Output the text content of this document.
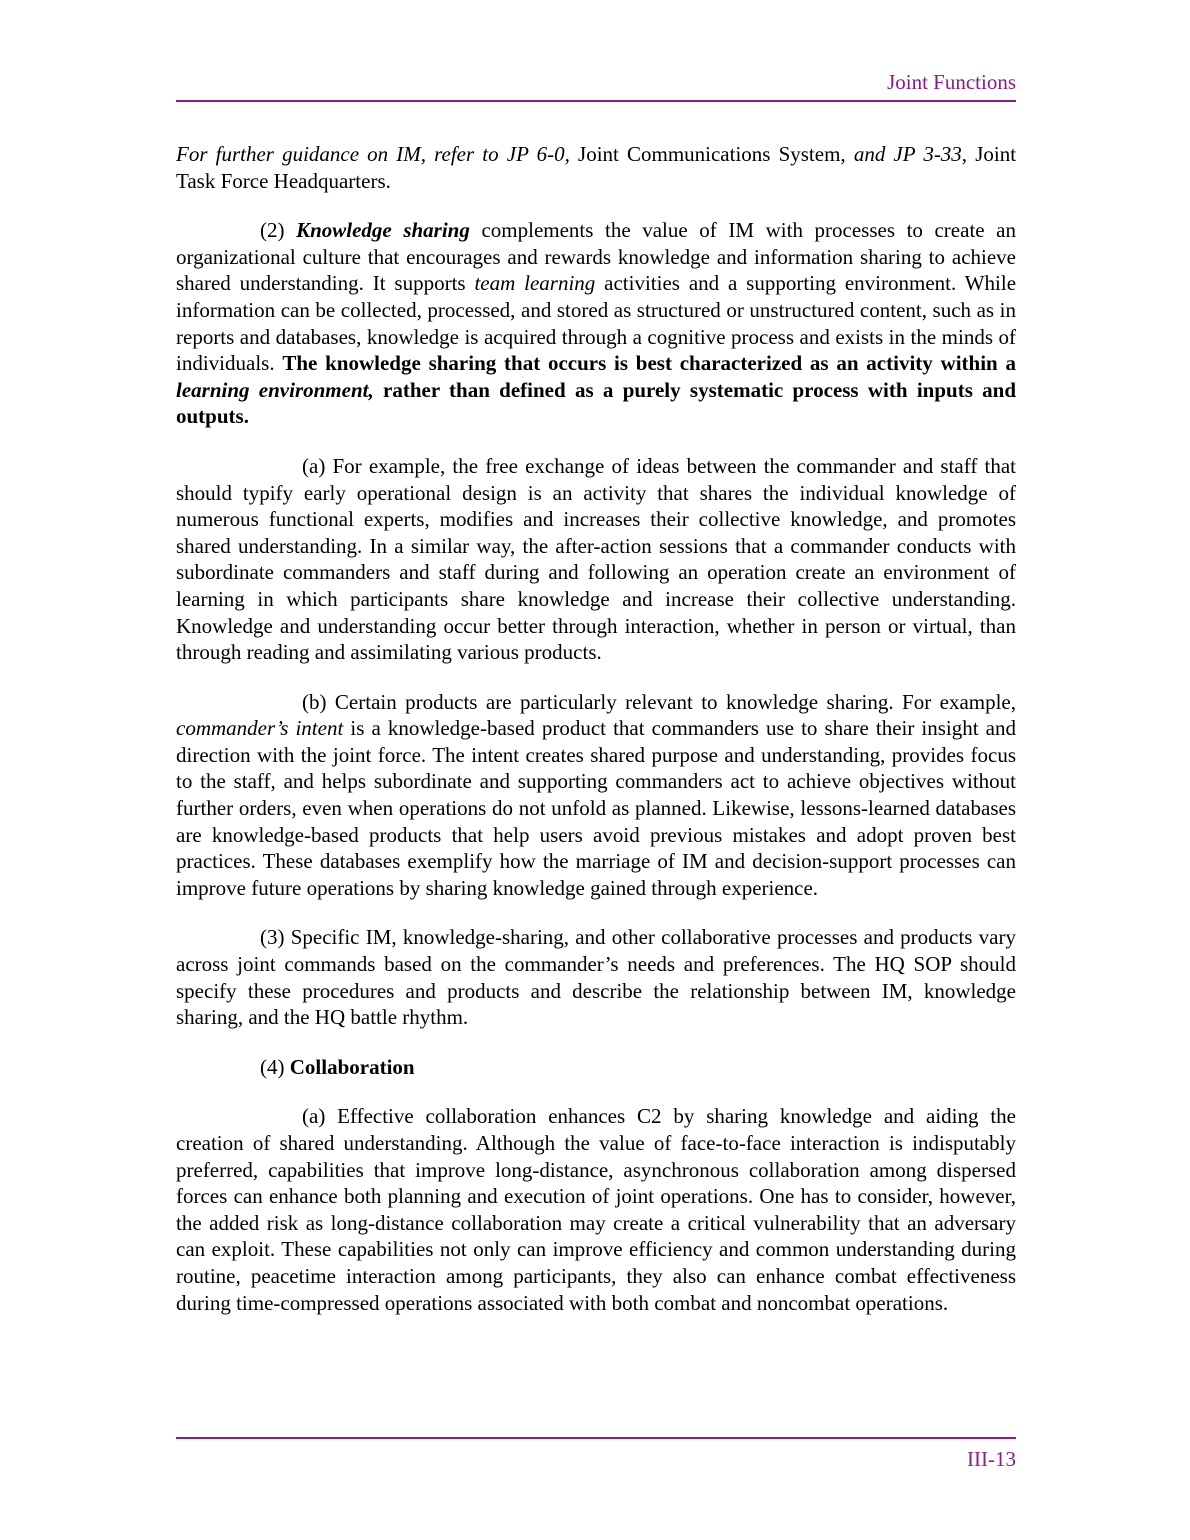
Joint Functions

For further guidance on IM, refer to JP 6-0, Joint Communications System, and JP 3-33, Joint Task Force Headquarters.

(2) Knowledge sharing complements the value of IM with processes to create an organizational culture that encourages and rewards knowledge and information sharing to achieve shared understanding. It supports team learning activities and a supporting environment. While information can be collected, processed, and stored as structured or unstructured content, such as in reports and databases, knowledge is acquired through a cognitive process and exists in the minds of individuals. The knowledge sharing that occurs is best characterized as an activity within a learning environment, rather than defined as a purely systematic process with inputs and outputs.

(a) For example, the free exchange of ideas between the commander and staff that should typify early operational design is an activity that shares the individual knowledge of numerous functional experts, modifies and increases their collective knowledge, and promotes shared understanding. In a similar way, the after-action sessions that a commander conducts with subordinate commanders and staff during and following an operation create an environment of learning in which participants share knowledge and increase their collective understanding. Knowledge and understanding occur better through interaction, whether in person or virtual, than through reading and assimilating various products.

(b) Certain products are particularly relevant to knowledge sharing. For example, commander’s intent is a knowledge-based product that commanders use to share their insight and direction with the joint force. The intent creates shared purpose and understanding, provides focus to the staff, and helps subordinate and supporting commanders act to achieve objectives without further orders, even when operations do not unfold as planned. Likewise, lessons-learned databases are knowledge-based products that help users avoid previous mistakes and adopt proven best practices. These databases exemplify how the marriage of IM and decision-support processes can improve future operations by sharing knowledge gained through experience.

(3) Specific IM, knowledge-sharing, and other collaborative processes and products vary across joint commands based on the commander’s needs and preferences. The HQ SOP should specify these procedures and products and describe the relationship between IM, knowledge sharing, and the HQ battle rhythm.

(4) Collaboration

(a) Effective collaboration enhances C2 by sharing knowledge and aiding the creation of shared understanding. Although the value of face-to-face interaction is indisputably preferred, capabilities that improve long-distance, asynchronous collaboration among dispersed forces can enhance both planning and execution of joint operations. One has to consider, however, the added risk as long-distance collaboration may create a critical vulnerability that an adversary can exploit. These capabilities not only can improve efficiency and common understanding during routine, peacetime interaction among participants, they also can enhance combat effectiveness during time-compressed operations associated with both combat and noncombat operations.

III-13
